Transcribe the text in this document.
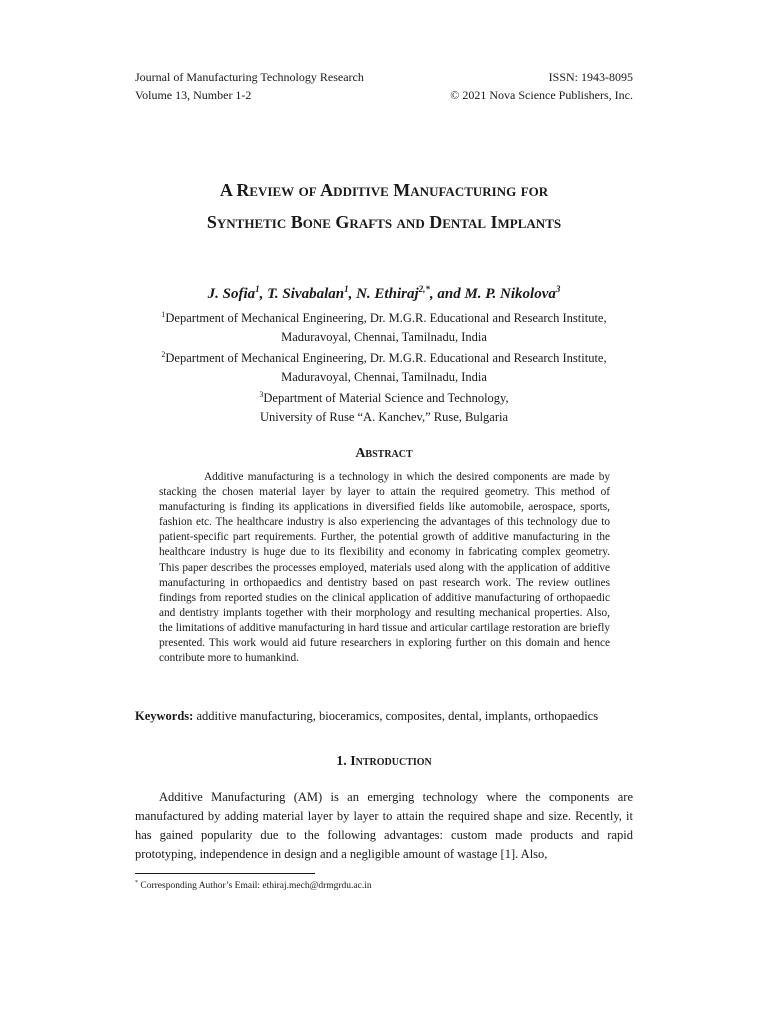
Journal of Manufacturing Technology Research	ISSN: 1943-8095
Volume 13, Number 1-2	© 2021 Nova Science Publishers, Inc.
A Review of Additive Manufacturing for
Synthetic Bone Grafts and Dental Implants
J. Sofia$^1$, T. Sivabalan$^1$, N. Ethiraj$^{2,*}$, and M. P. Nikolova$^3$
$^1$Department of Mechanical Engineering, Dr. M.G.R. Educational and Research Institute,
Maduravoyal, Chennai, Tamilnadu, India
$^2$Department of Mechanical Engineering, Dr. M.G.R. Educational and Research Institute,
Maduravoyal, Chennai, Tamilnadu, India
$^3$Department of Material Science and Technology,
University of Ruse “A. Kanchev,” Ruse, Bulgaria
Abstract

Additive manufacturing is a technology in which the desired components are made by stacking the chosen material layer by layer to attain the required geometry. This method of manufacturing is finding its applications in diversified fields like automobile, aerospace, sports, fashion etc. The healthcare industry is also experiencing the advantages of this technology due to patient-specific part requirements. Further, the potential growth of additive manufacturing in the healthcare industry is huge due to its flexibility and economy in fabricating complex geometry. This paper describes the processes employed, materials used along with the application of additive manufacturing in orthopaedics and dentistry based on past research work. The review outlines findings from reported studies on the clinical application of additive manufacturing of orthopaedic and dentistry implants together with their morphology and resulting mechanical properties. Also, the limitations of additive manufacturing in hard tissue and articular cartilage restoration are briefly presented. This work would aid future researchers in exploring further on this domain and hence contribute more to humankind.

Keywords: additive manufacturing, bioceramics, composites, dental, implants, orthopaedics
1. Introduction

Additive Manufacturing (AM) is an emerging technology where the components are manufactured by adding material layer by layer to attain the required shape and size. Recently, it has gained popularity due to the following advantages: custom made products and rapid prototyping, independence in design and a negligible amount of wastage [1]. Also,

* Corresponding Author’s Email: ethiraj.mech@drmgrdu.ac.in
